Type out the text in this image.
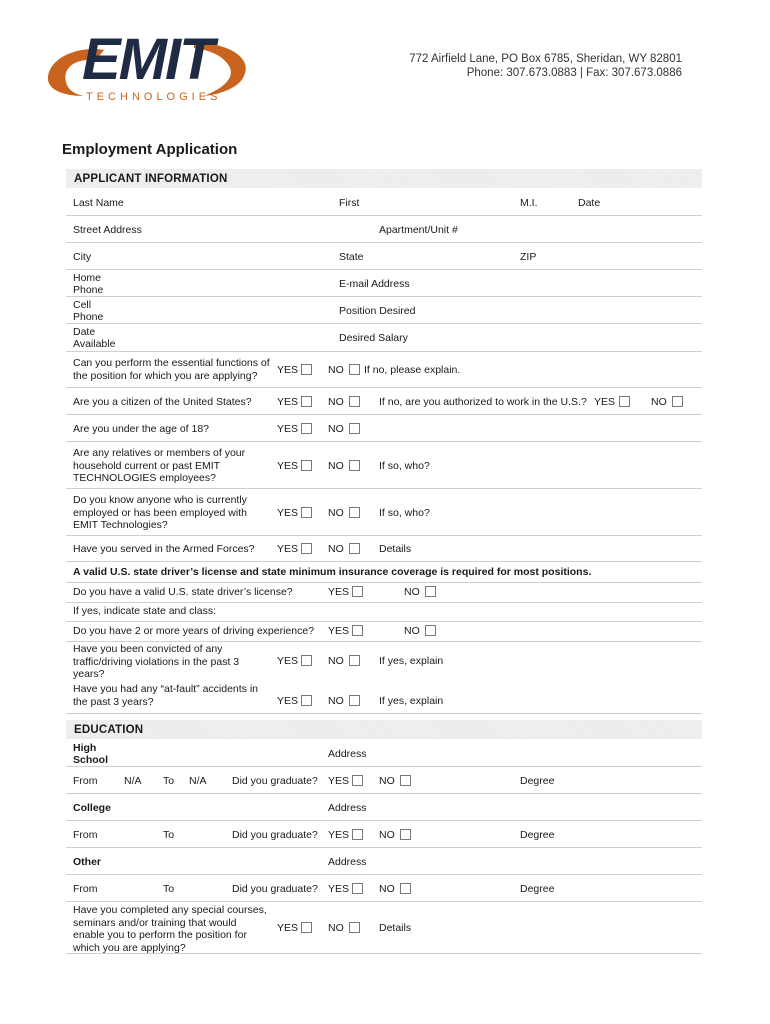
EMIT
TECHNOLOGIES
772 Airfield Lane, PO Box 6785, Sheridan, WY 82801
Phone: 307.673.0883 | Fax: 307.673.0886
Employment Application
APPLICANT INFORMATION
Last Name	First	M.I.	Date
Street Address	Apartment/Unit #
City	State	ZIP
Home
Phone	E-mail Address
Cell
Phone	Position Desired
Date
Available	Desired Salary
Can you perform the essential functions of the position for which you are applying?	YES	NO If no, please explain.
Are you a citizen of the United States? YES	NO	If no, are you authorized to work in the U.S.? YES	NO
Are you under the age of 18?	YES	NO
Are any relatives or members of your household current or past EMIT TECHNOLOGIES employees?
YES	NO	If so, who?
Do you know anyone who is currently employed or has been employed with EMIT Technologies?
YES	NO	If so, who?
Have you served in the Armed Forces? YES	NO	Details
A valid U.S. state driver’s license and state minimum insurance coverage is required for most positions.
Do you have a valid U.S. state driver’s license?	YES	NO
If yes, indicate state and class:
Do you have 2 or more years of driving experience? YES	NO
Have you been convicted of any traffic/driving violations in the past 3 years?
YES	NO	If yes, explain
Have you had any “at-fault” accidents in the past 3 years?	YES	NO	If yes, explain
EDUCATION
High
School	Address
From	N/A To N/A Did you graduate? YES	NO	Degree
College	Address
From	To	Did you graduate? YES	NO	Degree
Other	Address
From	To	Did you graduate? YES	NO	Degree
Have you completed any special courses, seminars and/or training that would enable you to perform the position for which you are applying?
YES	NO	Details
